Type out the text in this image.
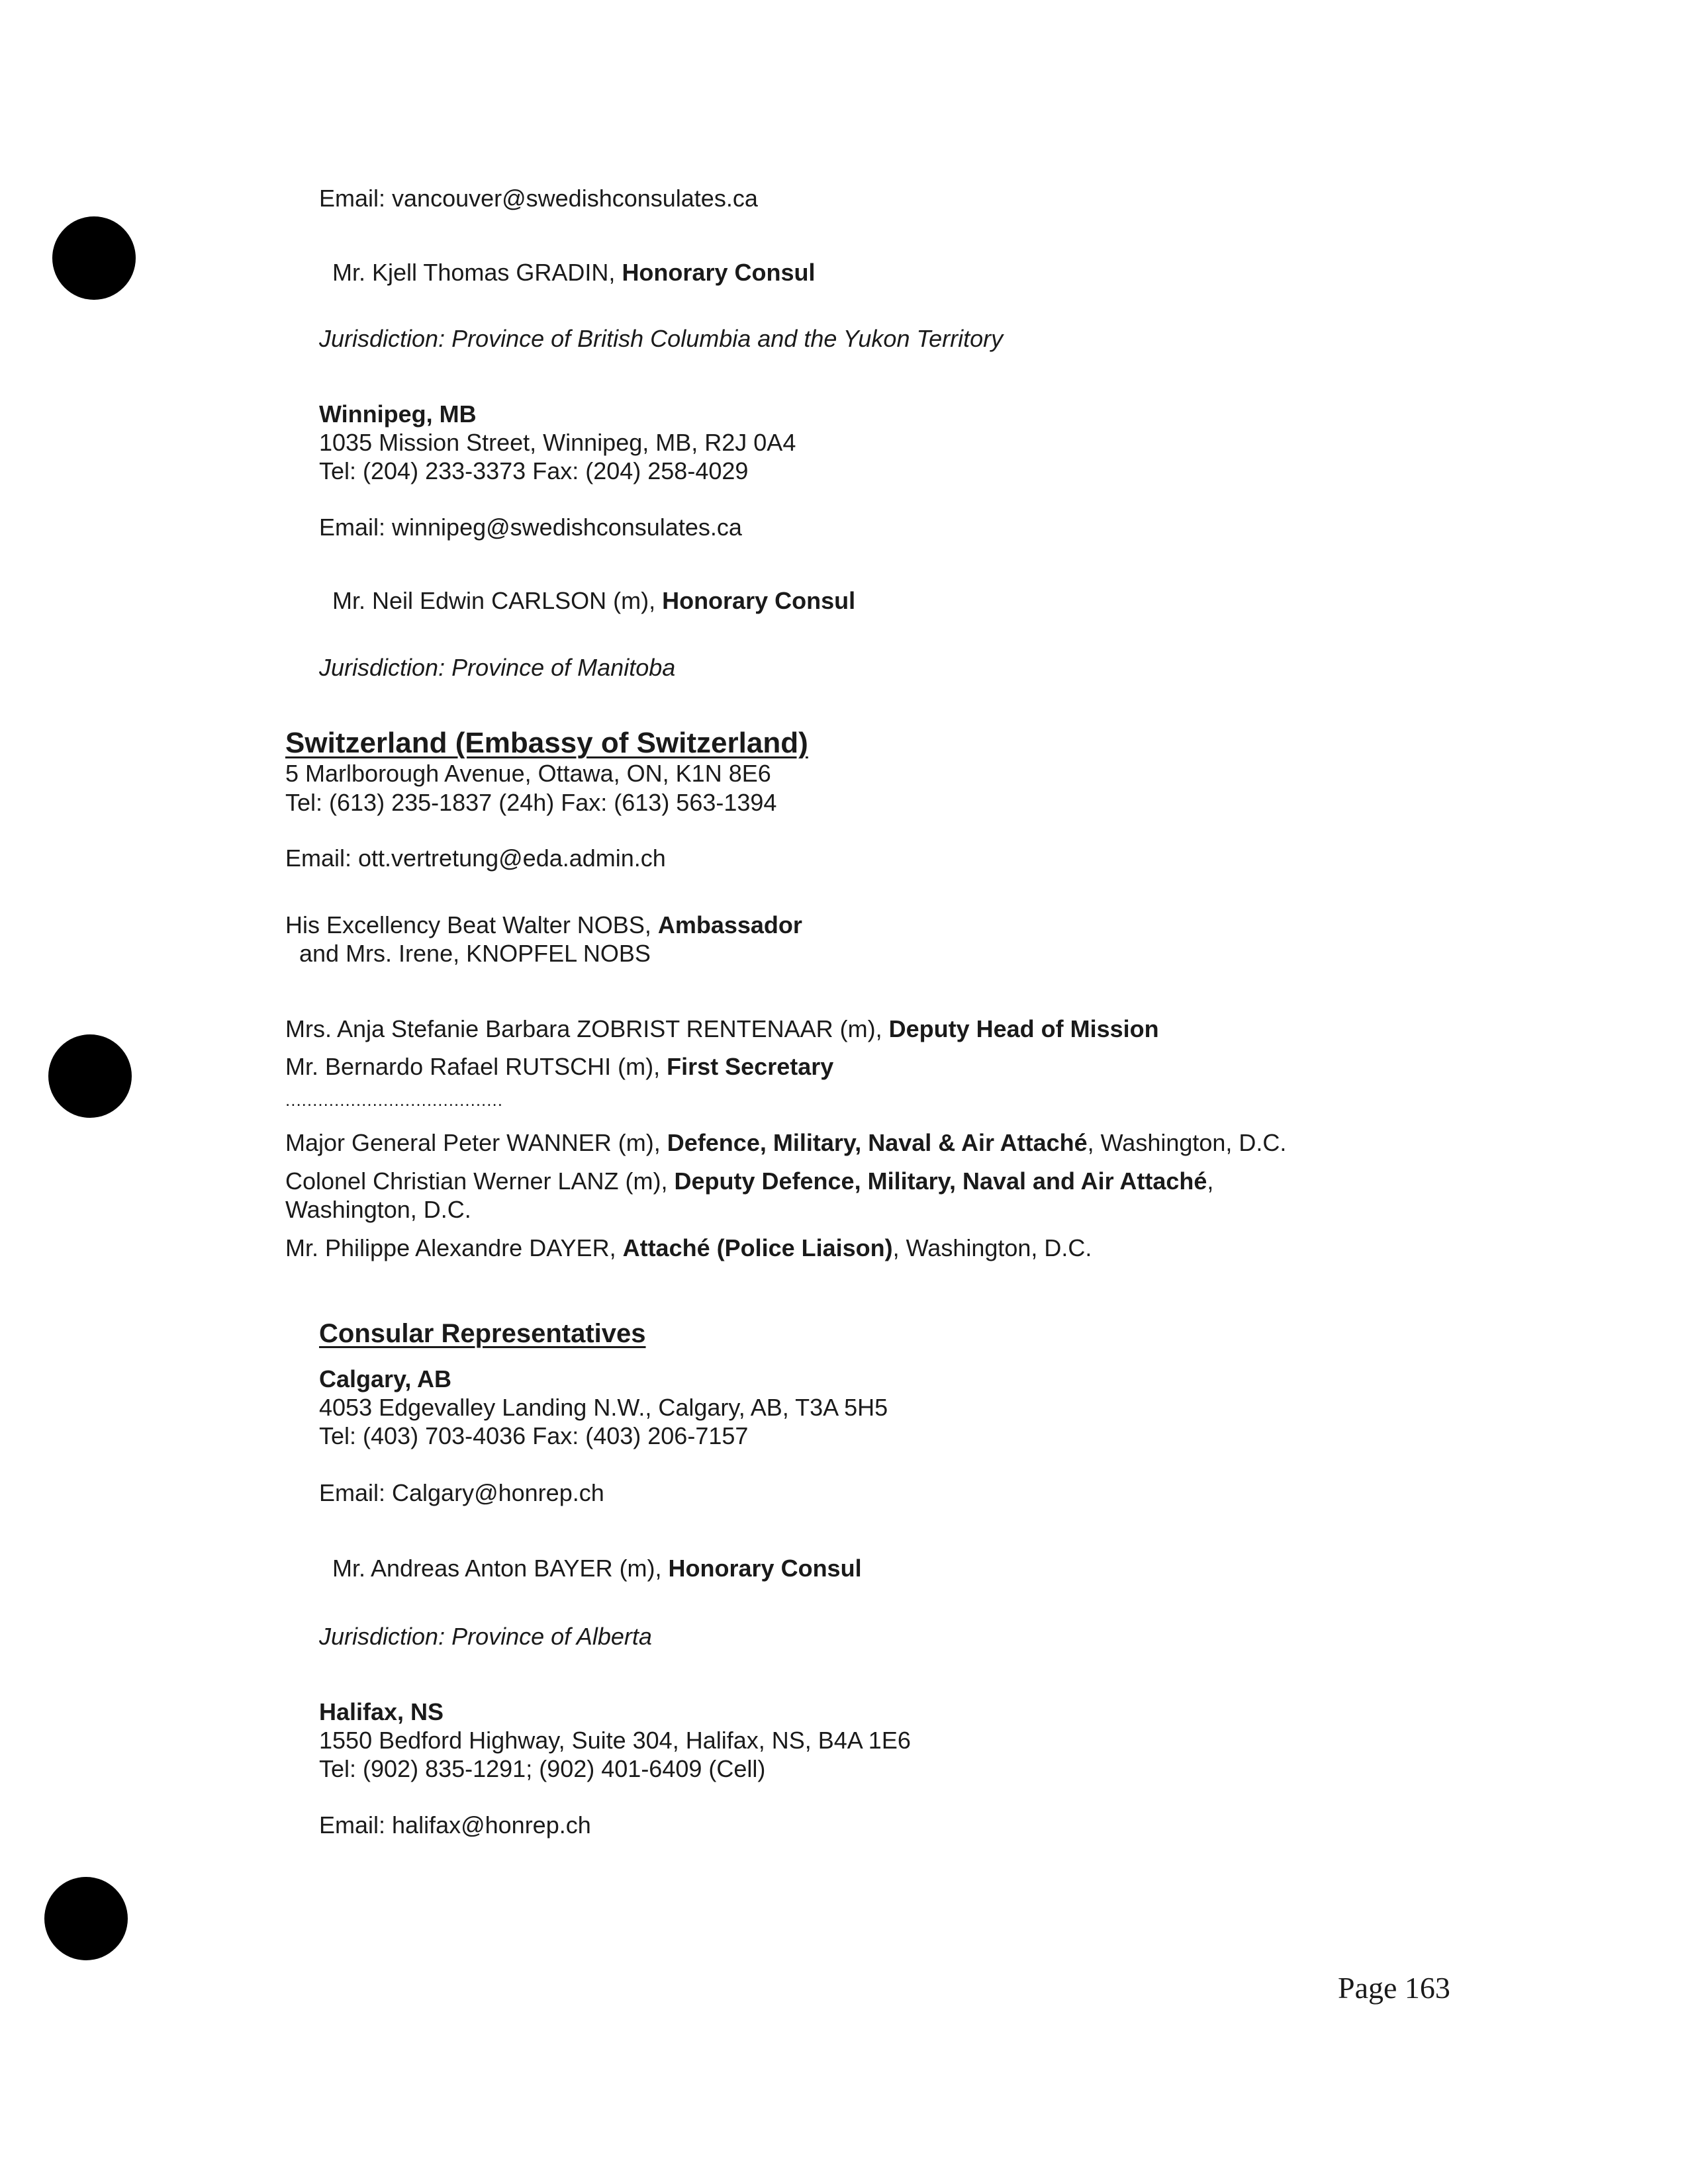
Email: vancouver@swedishconsulates.ca
Mr. Kjell Thomas GRADIN, Honorary Consul
Jurisdiction: Province of British Columbia and the Yukon Territory
Winnipeg, MB
1035 Mission Street, Winnipeg, MB, R2J 0A4
Tel: (204) 233-3373 Fax: (204) 258-4029
Email: winnipeg@swedishconsulates.ca
Mr. Neil Edwin CARLSON (m), Honorary Consul
Jurisdiction: Province of Manitoba
Switzerland (Embassy of Switzerland)
5 Marlborough Avenue, Ottawa, ON, K1N 8E6
Tel: (613) 235-1837 (24h) Fax: (613) 563-1394
Email: ott.vertretung@eda.admin.ch
His Excellency Beat Walter NOBS, Ambassador
and Mrs. Irene, KNOPFEL NOBS
Mrs. Anja Stefanie Barbara ZOBRIST RENTENAAR (m), Deputy Head of Mission
Mr. Bernardo Rafael RUTSCHI (m), First Secretary
........................................
Major General Peter WANNER (m), Defence, Military, Naval & Air Attaché, Washington, D.C.
Colonel Christian Werner LANZ (m), Deputy Defence, Military, Naval and Air Attaché,
Washington, D.C.
Mr. Philippe Alexandre DAYER, Attaché (Police Liaison), Washington, D.C.
Consular Representatives
Calgary, AB
4053 Edgevalley Landing N.W., Calgary, AB, T3A 5H5
Tel: (403) 703-4036 Fax: (403) 206-7157
Email: Calgary@honrep.ch
Mr. Andreas Anton BAYER (m), Honorary Consul
Jurisdiction: Province of Alberta
Halifax, NS
1550 Bedford Highway, Suite 304, Halifax, NS, B4A 1E6
Tel: (902) 835-1291; (902) 401-6409 (Cell)
Email: halifax@honrep.ch
Page 163
